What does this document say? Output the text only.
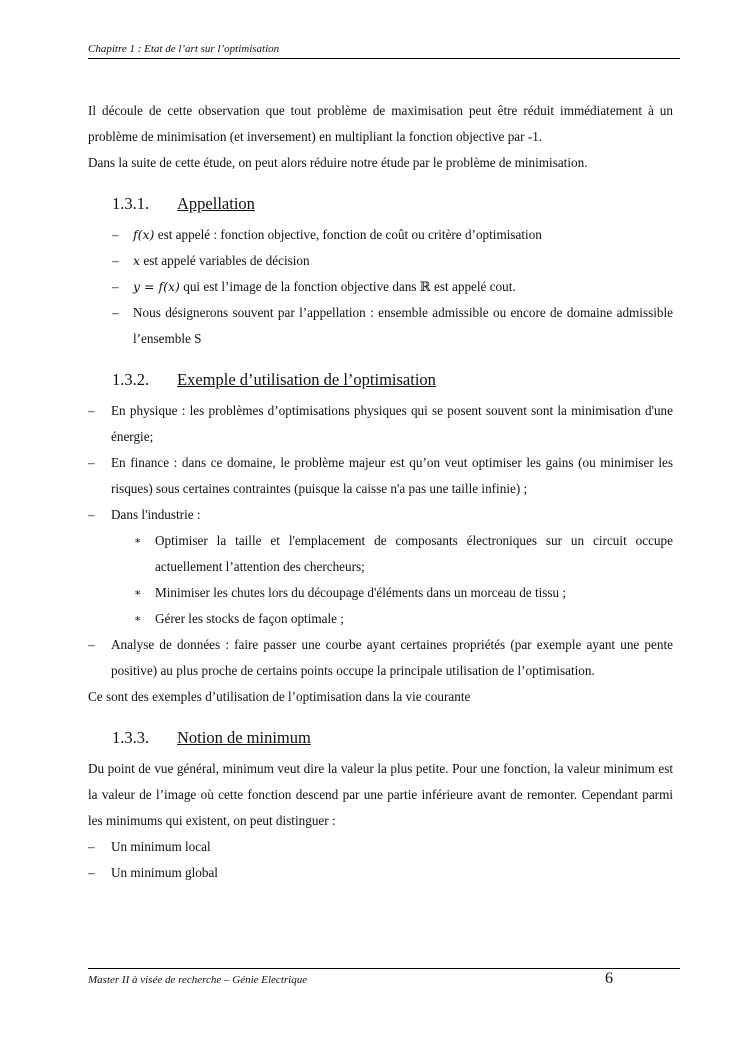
Chapitre 1 : Etat de l’art sur l’optimisation

Il découle de cette observation que tout problème de maximisation peut être réduit immédiatement à un problème de minimisation (et inversement) en multipliant la fonction objective par -1.

Dans la suite de cette étude, on peut alors réduire notre étude par le problème de minimisation.

1.3.1. Appellation
– f(x) est appelé : fonction objective, fonction de coût ou critère d’optimisation
– x est appelé variables de décision
– y = f(x) qui est l’image de la fonction objective dans ℝ est appelé cout.
– Nous désignerons souvent par l’appellation : ensemble admissible ou encore de domaine admissible l’ensemble S
1.3.2. Exemple d’utilisation de l’optimisation
– En physique : les problèmes d’optimisations physiques qui se posent souvent sont la minimisation d'une énergie;
– En finance : dans ce domaine, le problème majeur est qu’on veut optimiser les gains (ou minimiser les risques) sous certaines contraintes (puisque la caisse n'a pas une taille infinie) ;
– Dans l'industrie :
∗ Optimiser la taille et l'emplacement de composants électroniques sur un circuit occupe actuellement l’attention des chercheurs;
∗ Minimiser les chutes lors du découpage d'éléments dans un morceau de tissu ;
∗ Gérer les stocks de façon optimale ;
– Analyse de données : faire passer une courbe ayant certaines propriétés (par exemple ayant une pente positive) au plus proche de certains points occupe la principale utilisation de l’optimisation.

Ce sont des exemples d’utilisation de l’optimisation dans la vie courante

1.3.3. Notion de minimum

Du point de vue général, minimum veut dire la valeur la plus petite. Pour une fonction, la valeur minimum est la valeur de l’image où cette fonction descend par une partie inférieure avant de remonter. Cependant parmi les minimums qui existent, on peut distinguer :

– Un minimum local
– Un minimum global
Master II à visée de recherche – Génie Electrique	6
